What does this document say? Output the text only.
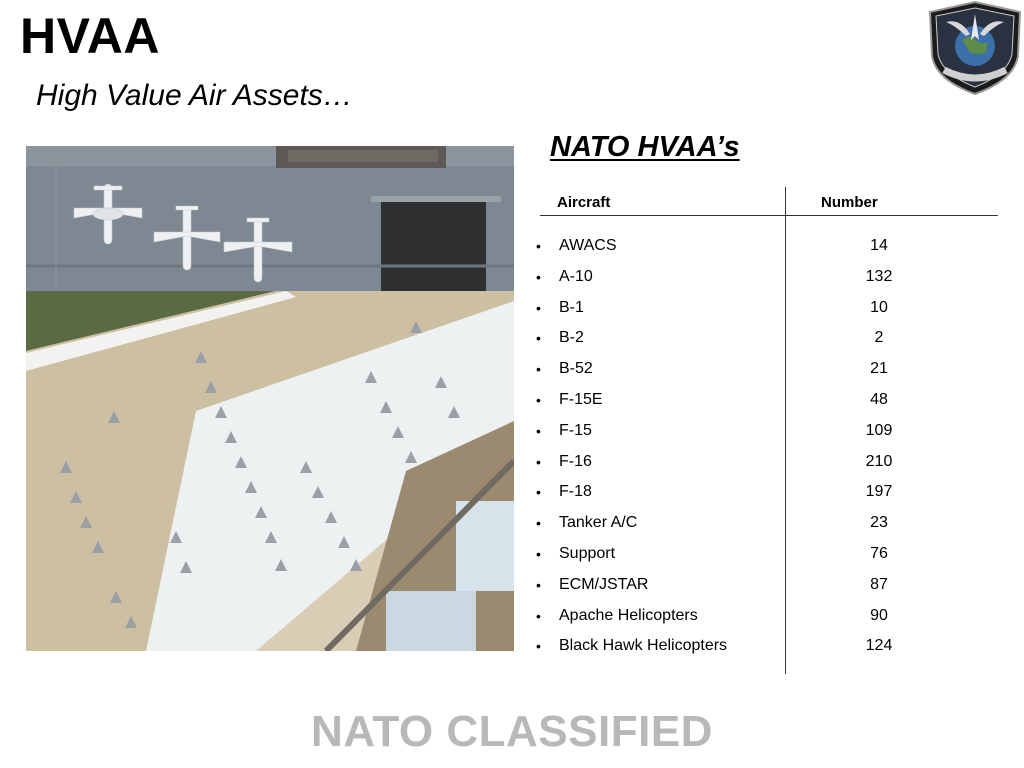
HVAA
High Value Air Assets…
NATO HVAA’s
Aircraft	Number
• AWACS	14
• A-10	132
• B-1	10
• B-2	2
• B-52	21
• F-15E	48
• F-15	109
• F-16	210
• F-18	197
• Tanker A/C	23
• Support	76
• ECM/JSTAR	87
• Apache Helicopters	90
• Black Hawk Helicopters	124
NATO CLASSIFIED
